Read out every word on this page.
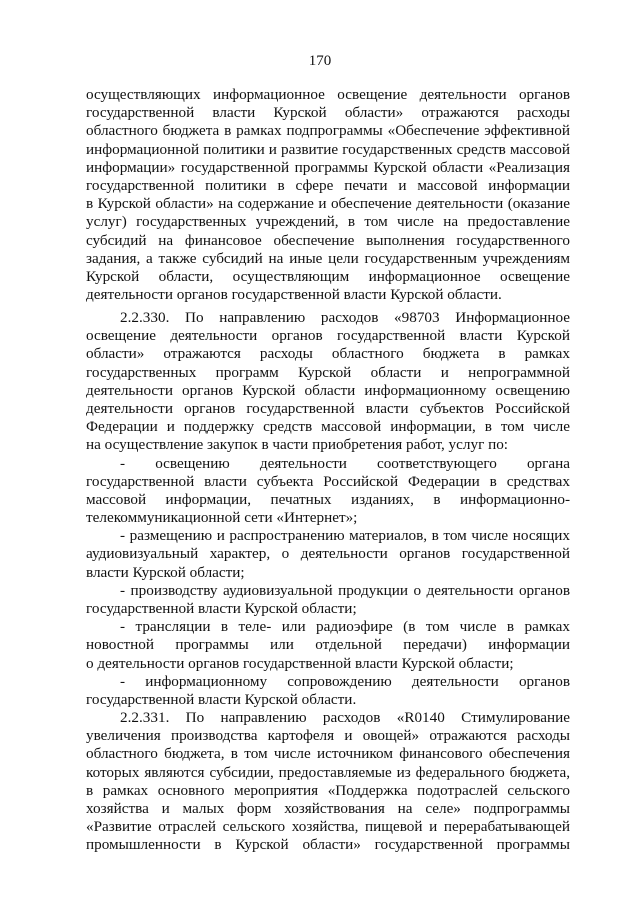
170
осуществляющих информационное освещение деятельности органов
государственной власти Курской области» отражаются расходы
областного бюджета в рамках подпрограммы «Обеспечение эффективной
информационной политики и развитие государственных средств массовой
информации» государственной программы Курской области «Реализация
государственной политики в сфере печати и массовой информации
в Курской области» на содержание и обеспечение деятельности (оказание
услуг) государственных учреждений, в том числе на предоставление
субсидий на финансовое обеспечение выполнения государственного
задания, а также субсидий на иные цели государственным учреждениям
Курской области, осуществляющим информационное освещение
деятельности органов государственной власти Курской области.
2.2.330. По направлению расходов «98703 Информационное
освещение деятельности органов государственной власти Курской
области» отражаются расходы областного бюджета в рамках
государственных программ Курской области и непрограммной
деятельности органов Курской области информационному освещению
деятельности органов государственной власти субъектов Российской
Федерации и поддержку средств массовой информации, в том числе
на осуществление закупок в части приобретения работ, услуг по:
- освещению деятельности соответствующего органа
государственной власти субъекта Российской Федерации в средствах
массовой информации, печатных изданиях, в информационно-
телекоммуникационной сети «Интернет»;
- размещению и распространению материалов, в том числе носящих
аудиовизуальный характер, о деятельности органов государственной
власти Курской области;
- производству аудиовизуальной продукции о деятельности органов
государственной власти Курской области;
- трансляции в теле- или радиоэфире (в том числе в рамках
новостной программы или отдельной передачи) информации
о деятельности органов государственной власти Курской области;
- информационному сопровождению деятельности органов
государственной власти Курской области.
2.2.331. По направлению расходов «R0140 Стимулирование
увеличения производства картофеля и овощей» отражаются расходы
областного бюджета, в том числе источником финансового обеспечения
которых являются субсидии, предоставляемые из федерального бюджета,
в рамках основного мероприятия «Поддержка подотраслей сельского
хозяйства и малых форм хозяйствования на селе» подпрограммы
«Развитие отраслей сельского хозяйства, пищевой и перерабатывающей
промышленности в Курской области» государственной программы
